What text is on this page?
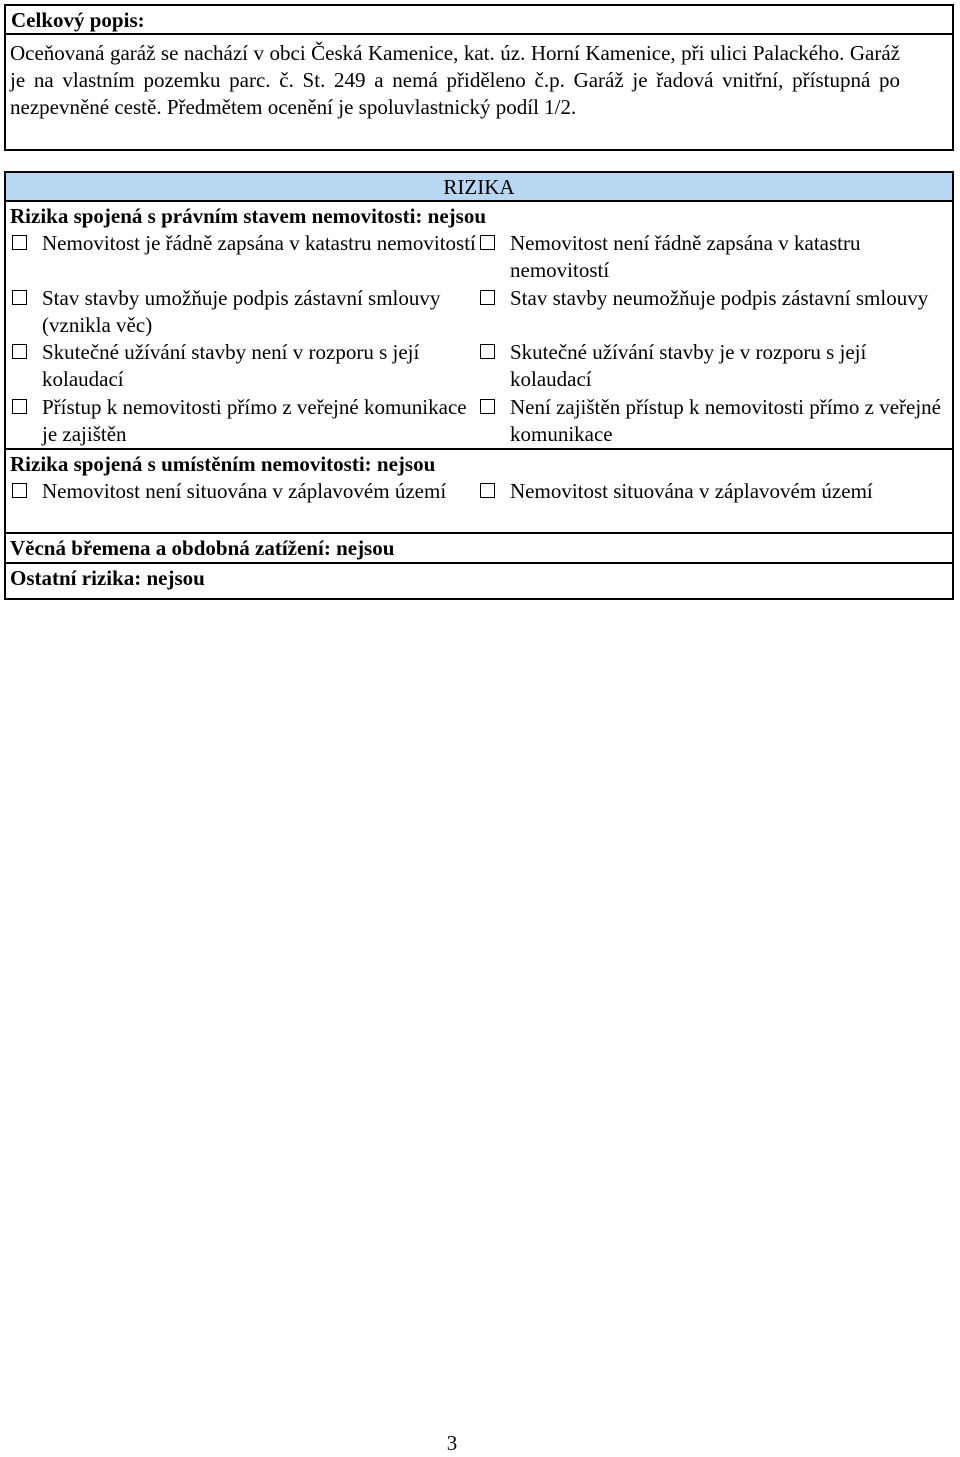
Celkový popis:
Oceňovaná garáž se nachází v obci Česká Kamenice, kat. úz. Horní Kamenice, při ulici Palackého. Garáž je na vlastním pozemku parc. č. St. 249 a nemá přiděleno č.p. Garáž je řadová vnitřní, přístupná po nezpevněné cestě. Předmětem ocenění je spoluvlastnický podíl 1/2.
RIZIKA
Rizika spojená s právním stavem nemovitosti: nejsou
Nemovitost je řádně zapsána v katastru nemovitostí	Nemovitost není řádně zapsána v katastru nemovitostí
Stav stavby umožňuje podpis zástavní smlouvy (vznikla věc)
Stav stavby neumožňuje podpis zástavní smlouvy
Skutečné užívání stavby není v rozporu s její kolaudací
Skutečné užívání stavby je v rozporu s její kolaudací
Přístup k nemovitosti přímo z veřejné komunikace je zajištěn
Není zajištěn přístup k nemovitosti přímo z veřejné komunikace
Rizika spojená s umístěním nemovitosti: nejsou
Nemovitost není situována v záplavovém území	Nemovitost situována v záplavovém území
Věcná břemena a obdobná zatížení: nejsou
Ostatní rizika: nejsou
3
